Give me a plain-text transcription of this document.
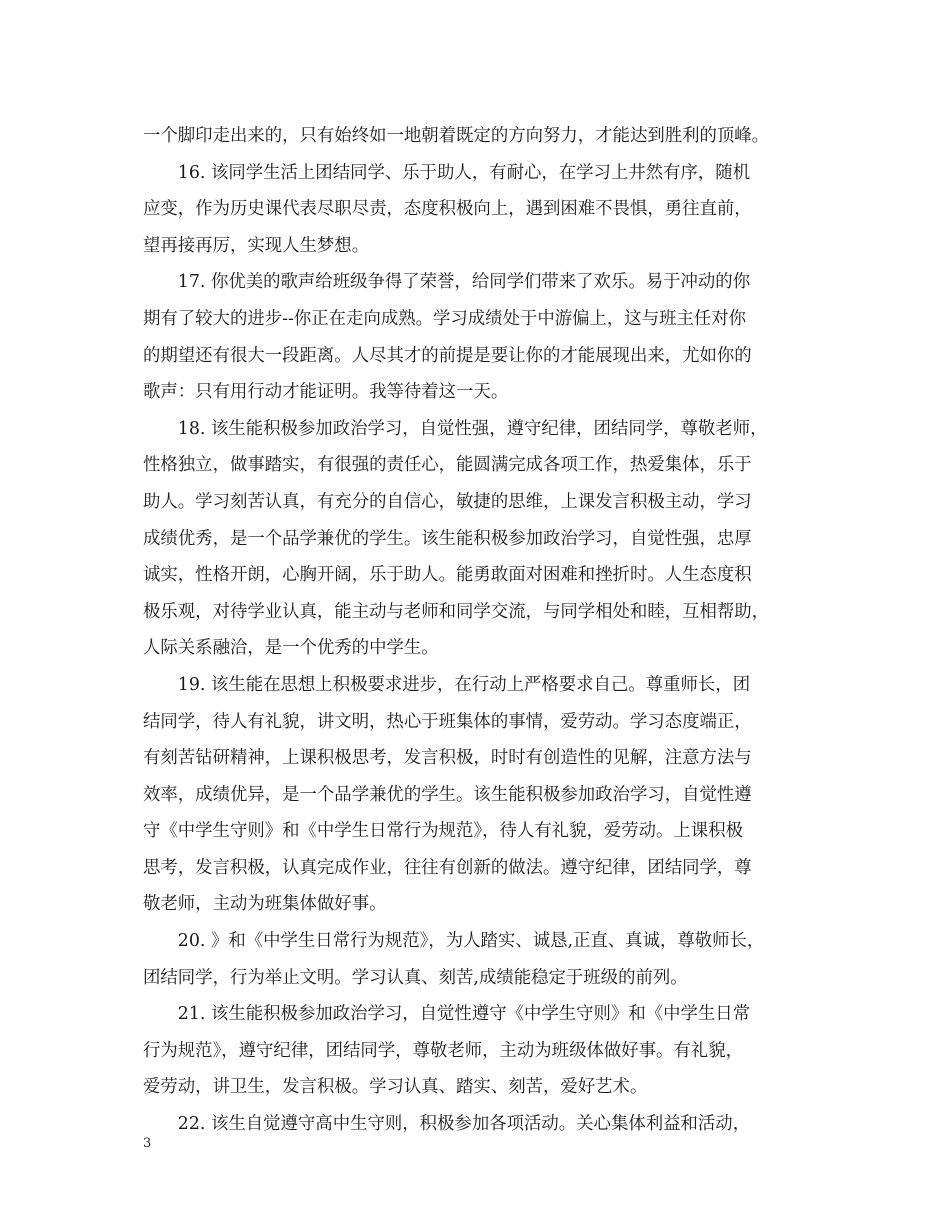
一个脚印走出来的，只有始终如一地朝着既定的方向努力，才能达到胜利的顶峰。
　　16. 该同学生活上团结同学、乐于助人，有耐心，在学习上井然有序，随机
应变，作为历史课代表尽职尽责，态度积极向上，遇到困难不畏惧，勇往直前，
望再接再厉，实现人生梦想。
　　17. 你优美的歌声给班级争得了荣誉，给同学们带来了欢乐。易于冲动的你
期有了较大的进步--你正在走向成熟。学习成绩处于中游偏上，这与班主任对你
的期望还有很大一段距离。人尽其才的前提是要让你的才能展现出来，尤如你的
歌声：只有用行动才能证明。我等待着这一天。
　　18. 该生能积极参加政治学习，自觉性强，遵守纪律，团结同学，尊敬老师，
性格独立，做事踏实，有很强的责任心，能圆满完成各项工作，热爱集体，乐于
助人。学习刻苦认真，有充分的自信心，敏捷的思维，上课发言积极主动，学习
成绩优秀，是一个品学兼优的学生。该生能积极参加政治学习，自觉性强，忠厚
诚实，性格开朗，心胸开阔，乐于助人。能勇敢面对困难和挫折时。人生态度积
极乐观，对待学业认真，能主动与老师和同学交流，与同学相处和睦，互相帮助，
人际关系融洽，是一个优秀的中学生。
　　19. 该生能在思想上积极要求进步，在行动上严格要求自己。尊重师长，团
结同学，待人有礼貌，讲文明，热心于班集体的事情，爱劳动。学习态度端正，
有刻苦钻研精神，上课积极思考，发言积极，时时有创造性的见解，注意方法与
效率，成绩优异，是一个品学兼优的学生。该生能积极参加政治学习，自觉性遵
守《中学生守则》和《中学生日常行为规范》，待人有礼貌，爱劳动。上课积极
思考，发言积极，认真完成作业，往往有创新的做法。遵守纪律，团结同学，尊
敬老师，主动为班集体做好事。
　　20. 》和《中学生日常行为规范》，为人踏实、诚恳,正直、真诚，尊敬师长，
团结同学，行为举止文明。学习认真、刻苦,成绩能稳定于班级的前列。
　　21. 该生能积极参加政治学习，自觉性遵守《中学生守则》和《中学生日常
行为规范》，遵守纪律，团结同学，尊敬老师，主动为班级体做好事。有礼貌，
爱劳动，讲卫生，发言积极。学习认真、踏实、刻苦，爱好艺术。
　　22. 该生自觉遵守高中生守则，积极参加各项活动。关心集体利益和活动，
3
